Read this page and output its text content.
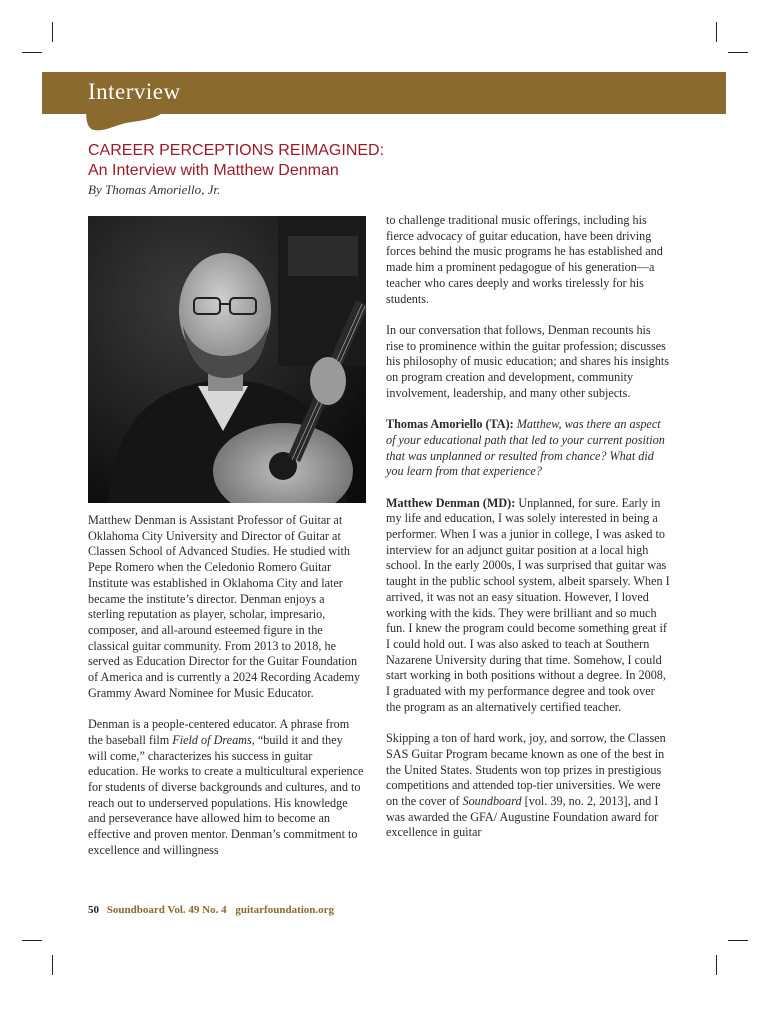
Interview
CAREER PERCEPTIONS REIMAGINED:
An Interview with Matthew Denman
By Thomas Amoriello, Jr.

Matthew Denman is Assistant Professor of Guitar at Oklahoma City University and Director of Guitar at Classen School of Advanced Studies. He studied with Pepe Romero when the Celedonio Romero Guitar Institute was established in Oklahoma City and later became the institute’s director. Denman enjoys a sterling reputation as player, scholar, impresario, composer, and all-around esteemed figure in the classical guitar community. From 2013 to 2018, he served as Education Director for the Guitar Foundation of America and is currently a 2024 Recording Academy Grammy Award Nominee for Music Educator.

Denman is a people-centered educator. A phrase from the baseball film Field of Dreams, “build it and they will come,” characterizes his success in guitar education. He works to create a multicultural experience for students of diverse backgrounds and cultures, and to reach out to underserved populations. His knowledge and perseverance have allowed him to become an effective and proven mentor. Denman’s commitment to excellence and willingness

to challenge traditional music offerings, including his fierce advocacy of guitar education, have been driving forces behind the music programs he has established and made him a prominent pedagogue of his generation—a teacher who cares deeply and works tirelessly for his students.

In our conversation that follows, Denman recounts his rise to prominence within the guitar profession; discusses his philosophy of music education; and shares his insights on program creation and development, community involvement, leadership, and many other subjects.

Thomas Amoriello (TA): Matthew, was there an aspect of your educational path that led to your current position that was unplanned or resulted from chance? What did you learn from that experience?

Matthew Denman (MD): Unplanned, for sure. Early in my life and education, I was solely interested in being a performer. When I was a junior in college, I was asked to interview for an adjunct guitar position at a local high school. In the early 2000s, I was surprised that guitar was taught in the public school system, albeit sparsely. When I arrived, it was not an easy situation. However, I loved working with the kids. They were brilliant and so much fun. I knew the program could become something great if I could hold out. I was also asked to teach at Southern Nazarene University during that time. Somehow, I could start working in both positions without a degree. In 2008, I graduated with my performance degree and took over the program as an alternatively certified teacher.

Skipping a ton of hard work, joy, and sorrow, the Classen SAS Guitar Program became known as one of the best in the United States. Students won top prizes in prestigious competitions and attended top-tier universities. We were on the cover of Soundboard [vol. 39, no. 2, 2013], and I was awarded the GFA/ Augustine Foundation award for excellence in guitar

50 Soundboard Vol. 49 No. 4 guitarfoundation.org
